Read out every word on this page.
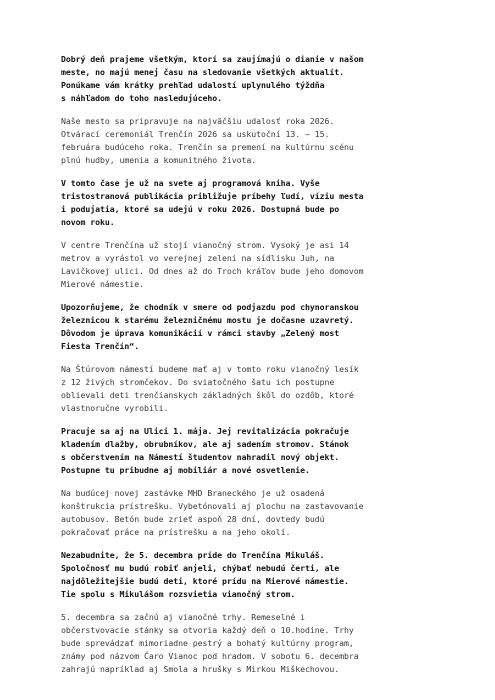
Dobrý deň prajeme všetkým, ktorí sa zaujímajú o dianie v našom
meste, no majú menej času na sledovanie všetkých aktualít.
Ponúkame vám krátky prehľad udalostí uplynulého týždňa
s náhľadom do toho nasledujúceho.

Naše mesto sa pripravuje na najväčšiu udalosť roka 2026.
Otvárací ceremoniál Trenčín 2026 sa uskutoční 13. – 15.
februára budúceho roka. Trenčín sa premení na kultúrnu scénu
plnú hudby, umenia a komunitného života.

V tomto čase je už na svete aj programová kniha. Vyše
tristostranová publikácia približuje príbehy ľudí, víziu mesta
i podujatia, ktoré sa udejú v roku 2026. Dostupná bude po
novom roku.

V centre Trenčína už stojí vianočný strom. Vysoký je asi 14
metrov a vyrástol vo verejnej zeleni na sídlisku Juh, na
Lavičkovej ulici. Od dnes až do Troch kráľov bude jeho domovom
Mierové námestie.

Upozorňujeme, že chodník v smere od podjazdu pod chynoranskou
železnicou k starému železničnému mostu je dočasne uzavretý.
Dôvodom je úprava komunikácií v rámci stavby „Zelený most
Fiesta Trenčín“.

Na Štúrovom námestí budeme mať aj v tomto roku vianočný lesík
z 12 živých stromčekov. Do sviatočného šatu ich postupne
oblievali deti trenčianskych základných škôl do ozdôb, ktoré
vlastnoručne vyrobili.

Pracuje sa aj na Ulici 1. mája. Jej revitalizácia pokračuje
kladením dlažby, obrubníkov, ale aj sadením stromov. Stánok
s občerstvením na Námestí študentov nahradil nový objekt.
Postupne tu pribudne aj mobiliár a nové osvetlenie.

Na budúcej novej zastávke MHD Braneckého je už osadená
konštrukcia prístrešku. Vybetónovali aj plochu na zastavovanie
autobusov. Betón bude zrieť aspoň 28 dní, dovtedy budú
pokračovať práce na prístrešku a na jeho okolí.

Nezabudnite, že 5. decembra príde do Trenčína Mikuláš.
Spoločnosť mu budú robiť anjeli, chýbať nebudú čerti, ale
najdôležitejšie budú deti, ktoré prídu na Mierové námestie.
Tie spolu s Mikulášom rozsvietia vianočný strom.

5. decembra sa začnú aj vianočné trhy. Remeselné i
občerstvovacie stánky sa otvoria každý deň o 10.hodine. Trhy
bude sprevádzať mimoriadne pestrý a bohatý kultúrny program,
známy pod názvom Čaro Vianoc pod hradom. V sobotu 6. decembra
zahrajú napríklad aj Smola a hrušky s Mirkou Miškechovou.
